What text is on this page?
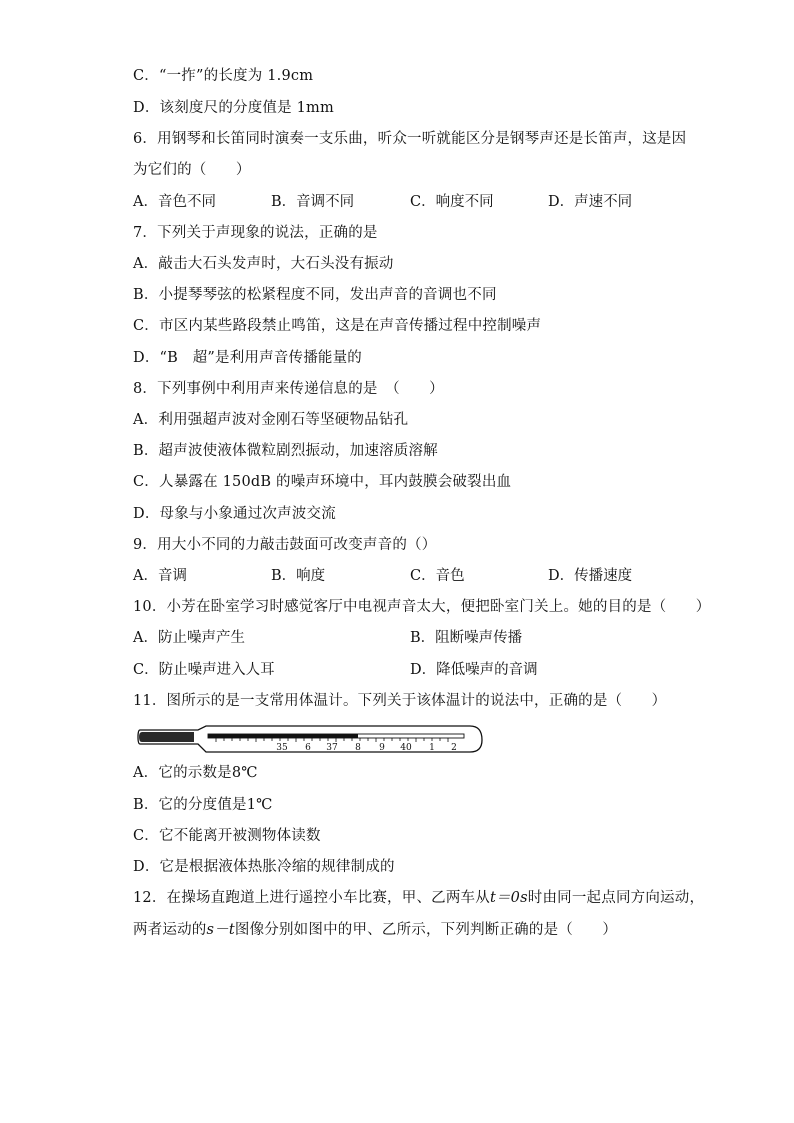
C．“一拃”的长度为 1.9cm
D．该刻度尺的分度值是 1mm
6．用钢琴和长笛同时演奏一支乐曲，听众一听就能区分是钢琴声还是长笛声，这是因
为它们的（　　）
A．音色不同	B．音调不同	C．响度不同	D．声速不同
7．下列关于声现象的说法，正确的是
A．敲击大石头发声时，大石头没有振动
B．小提琴琴弦的松紧程度不同，发出声音的音调也不同
C．市区内某些路段禁止鸣笛，这是在声音传播过程中控制噪声
D．“B　超”是利用声音传播能量的
8．下列事例中利用声来传递信息的是　（　　）
A．利用强超声波对金刚石等坚硬物品钻孔
B．超声波使液体微粒剧烈振动，加速溶质溶解
C．人暴露在 150dB 的噪声环境中，耳内鼓膜会破裂出血
D．母象与小象通过次声波交流
9．用大小不同的力敲击鼓面可改变声音的（）
A．音调	B．响度	C．音色	D．传播速度
10．小芳在卧室学习时感觉客厅中电视声音太大，便把卧室门关上。她的目的是（　　）
A．防止噪声产生	B．阻断噪声传播
C．防止噪声进入人耳	D．降低噪声的音调
11．图所示的是一支常用体温计。下列关于该体温计的说法中，正确的是（　　）
35 6 37 8 9 40 1 2
A．它的示数是8℃
B．它的分度值是1℃
C．它不能离开被测物体读数
D．它是根据液体热胀冷缩的规律制成的
12．在操场直跑道上进行遥控小车比赛，甲、乙两车从t＝0s时由同一起点同方向运动，
两者运动的s－t图像分别如图中的甲、乙所示，下列判断正确的是（　　）
